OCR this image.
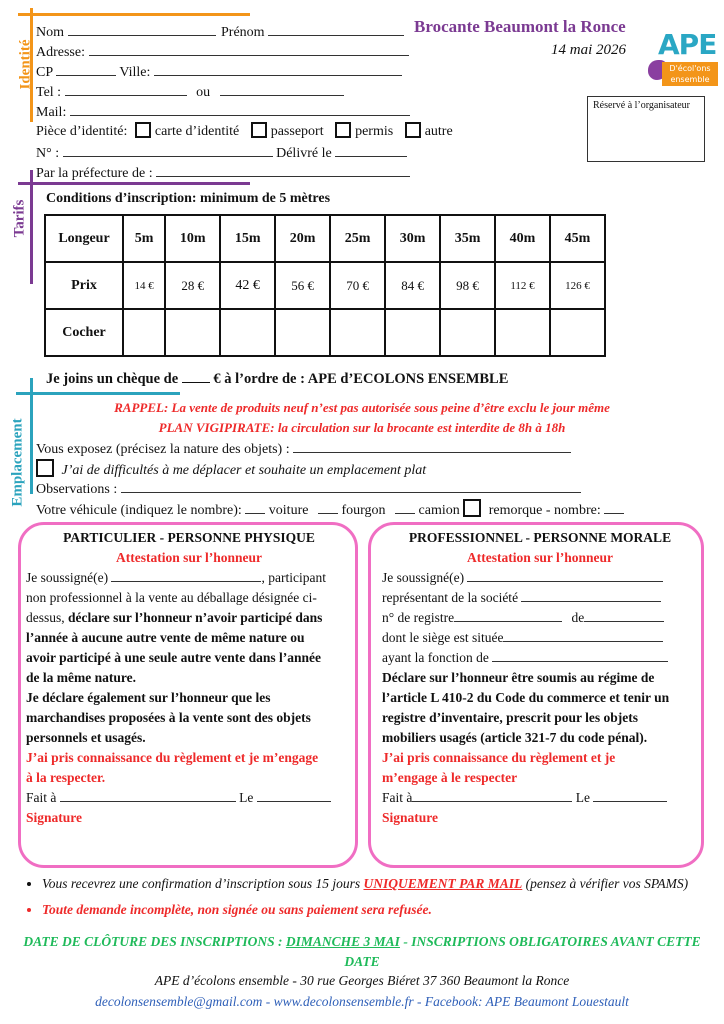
Identité
Tarifs
Emplacement
Brocante Beaumont la Ronce
14 mai 2026 APE
D'écol'ons
ensemble
Réservé à l’organisateur
Nom	Prénom
Adresse:
CP	Ville:
Tel :	ou
Mail:
Pièce d’identité: carte d’identité passeport permis autre
N° :	Délivré le
Par la préfecture de :
Conditions d’inscription: minimum de 5 mètres
Longeur	5m	10m	15m	20m	25m	30m	35m	40m	45m
Prix	14 €	28 €	42 €	56 €	70 €	84 €	98 €	112 €	126 €
Cocher									
Je joins un chèque de € à l’ordre de : APE d’ECOLONS ENSEMBLE
RAPPEL: La vente de produits neuf n’est pas autorisée sous peine d’être exclu le jour même
PLAN VIGIPIRATE: la circulation sur la brocante est interdite de 8h à 18h
Vous exposez (précisez la nature des objets) :
J’ai de difficultés à me déplacer et souhaite un emplacement plat
Observations :
Votre véhicule (indiquez le nombre): voiture fourgon camion remorque - nombre:

PARTICULIER - PERSONNE PHYSIQUE

Attestation sur l’honneur

Je soussigné(e)	, participant

non professionnel à la vente au déballage désignée ci-

dessus, déclare sur l’honneur n’avoir participé dans

l’année à aucune autre vente de même nature ou

avoir participé à une seule autre vente dans l’année

de la même nature.

Je déclare également sur l’honneur que les

marchandises proposées à la vente sont des objets

personnels et usagés.

J’ai pris connaissance du règlement et je m’engage

à la respecter.

Fait à	Le

Signature

PROFESSIONNEL - PERSONNE MORALE

Attestation sur l’honneur

Je soussigné(e)

représentant de la société

n° de registre	de

dont le siège est située

ayant la fonction de

Déclare sur l’honneur être soumis au régime de

l’article L 410-2 du Code du commerce et tenir un

registre d’inventaire, prescrit pour les objets

mobiliers usagés (article 321-7 du code pénal).

J’ai pris connaissance du règlement et je

m’engage à le respecter

Fait à	Le

Signature

• Vous recevrez une confirmation d’inscription sous 15 jours UNIQUEMENT PAR MAIL (pensez à vérifier vos SPAMS)
• Toute demande incomplète, non signée ou sans paiement sera refusée.
DATE DE CLÔTURE DES INSCRIPTIONS : DIMANCHE 3 MAI - INSCRIPTIONS OBLIGATOIRES AVANT CETTE DATE
APE d’écolons ensemble - 30 rue Georges Biéret 37 360 Beaumont la Ronce
decolonsensemble@gmail.com - www.decolonsensemble.fr - Facebook: APE Beaumont Louestault
